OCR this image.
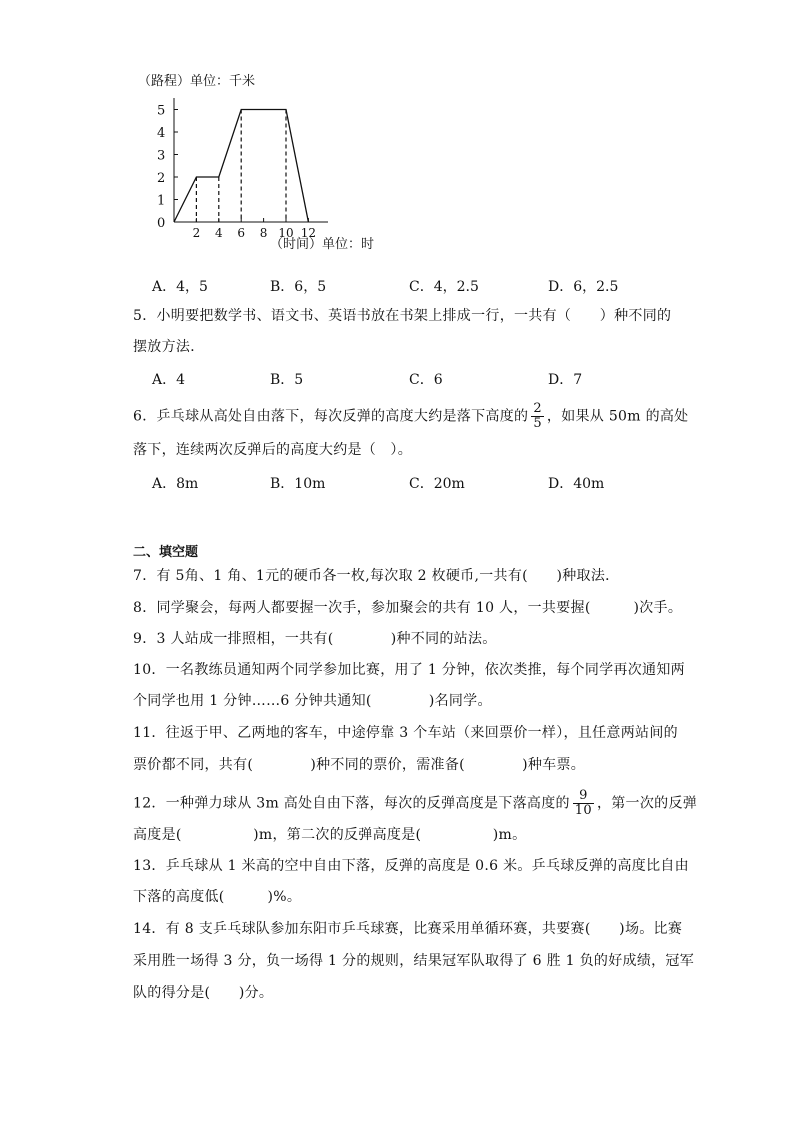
（路程）单位：千米
0
1
2
3
4
5
2 4 6 8 10 12
（时间）单位：时
A．4，5	B．6，5	C．4，2.5	D．6，2.5
5．小明要把数学书、语文书、英语书放在书架上排成一行，一共有（　　）种不同的
摆放方法．
A．4	B．5	C．6	D．7
6．乒乓球从高处自由落下，每次反弹的高度大约是落下高度的 $\frac{2}{5}$ ，如果从 50m 的高处
落下，连续两次反弹后的高度大约是（　）。
A．8m	B．10m	C．20m	D．40m
二、填空题
7．有 5角、1 角、1元的硬币各一枚,每次取 2 枚硬币,一共有(　　)种取法．
8．同学聚会，每两人都要握一次手，参加聚会的共有 10 人，一共要握(　　　)次手。
9．3 人站成一排照相，一共有(　　　　)种不同的站法。
10．一名教练员通知两个同学参加比赛，用了 1 分钟，依次类推，每个同学再次通知两
个同学也用 1 分钟……6 分钟共通知(　　　　)名同学。
11．往返于甲、乙两地的客车，中途停靠 3 个车站（来回票价一样），且任意两站间的
票价都不同，共有(　　　　)种不同的票价，需准备(　　　　)种车票。
12．一种弹力球从 3m 高处自由下落，每次的反弹高度是下落高度的 $\frac{9}{10}$ ，第一次的反弹
高度是(　　　　　)m，第二次的反弹高度是(　　　　　)m。
13．乒乓球从 1 米高的空中自由下落，反弹的高度是 0.6 米。乒乓球反弹的高度比自由
下落的高度低(　　　)%。
14．有 8 支乒乓球队参加东阳市乒乓球赛，比赛采用单循环赛，共要赛(　　)场。比赛
采用胜一场得 3 分，负一场得 1 分的规则，结果冠军队取得了 6 胜 1 负的好成绩，冠军
队的得分是(　　)分。
